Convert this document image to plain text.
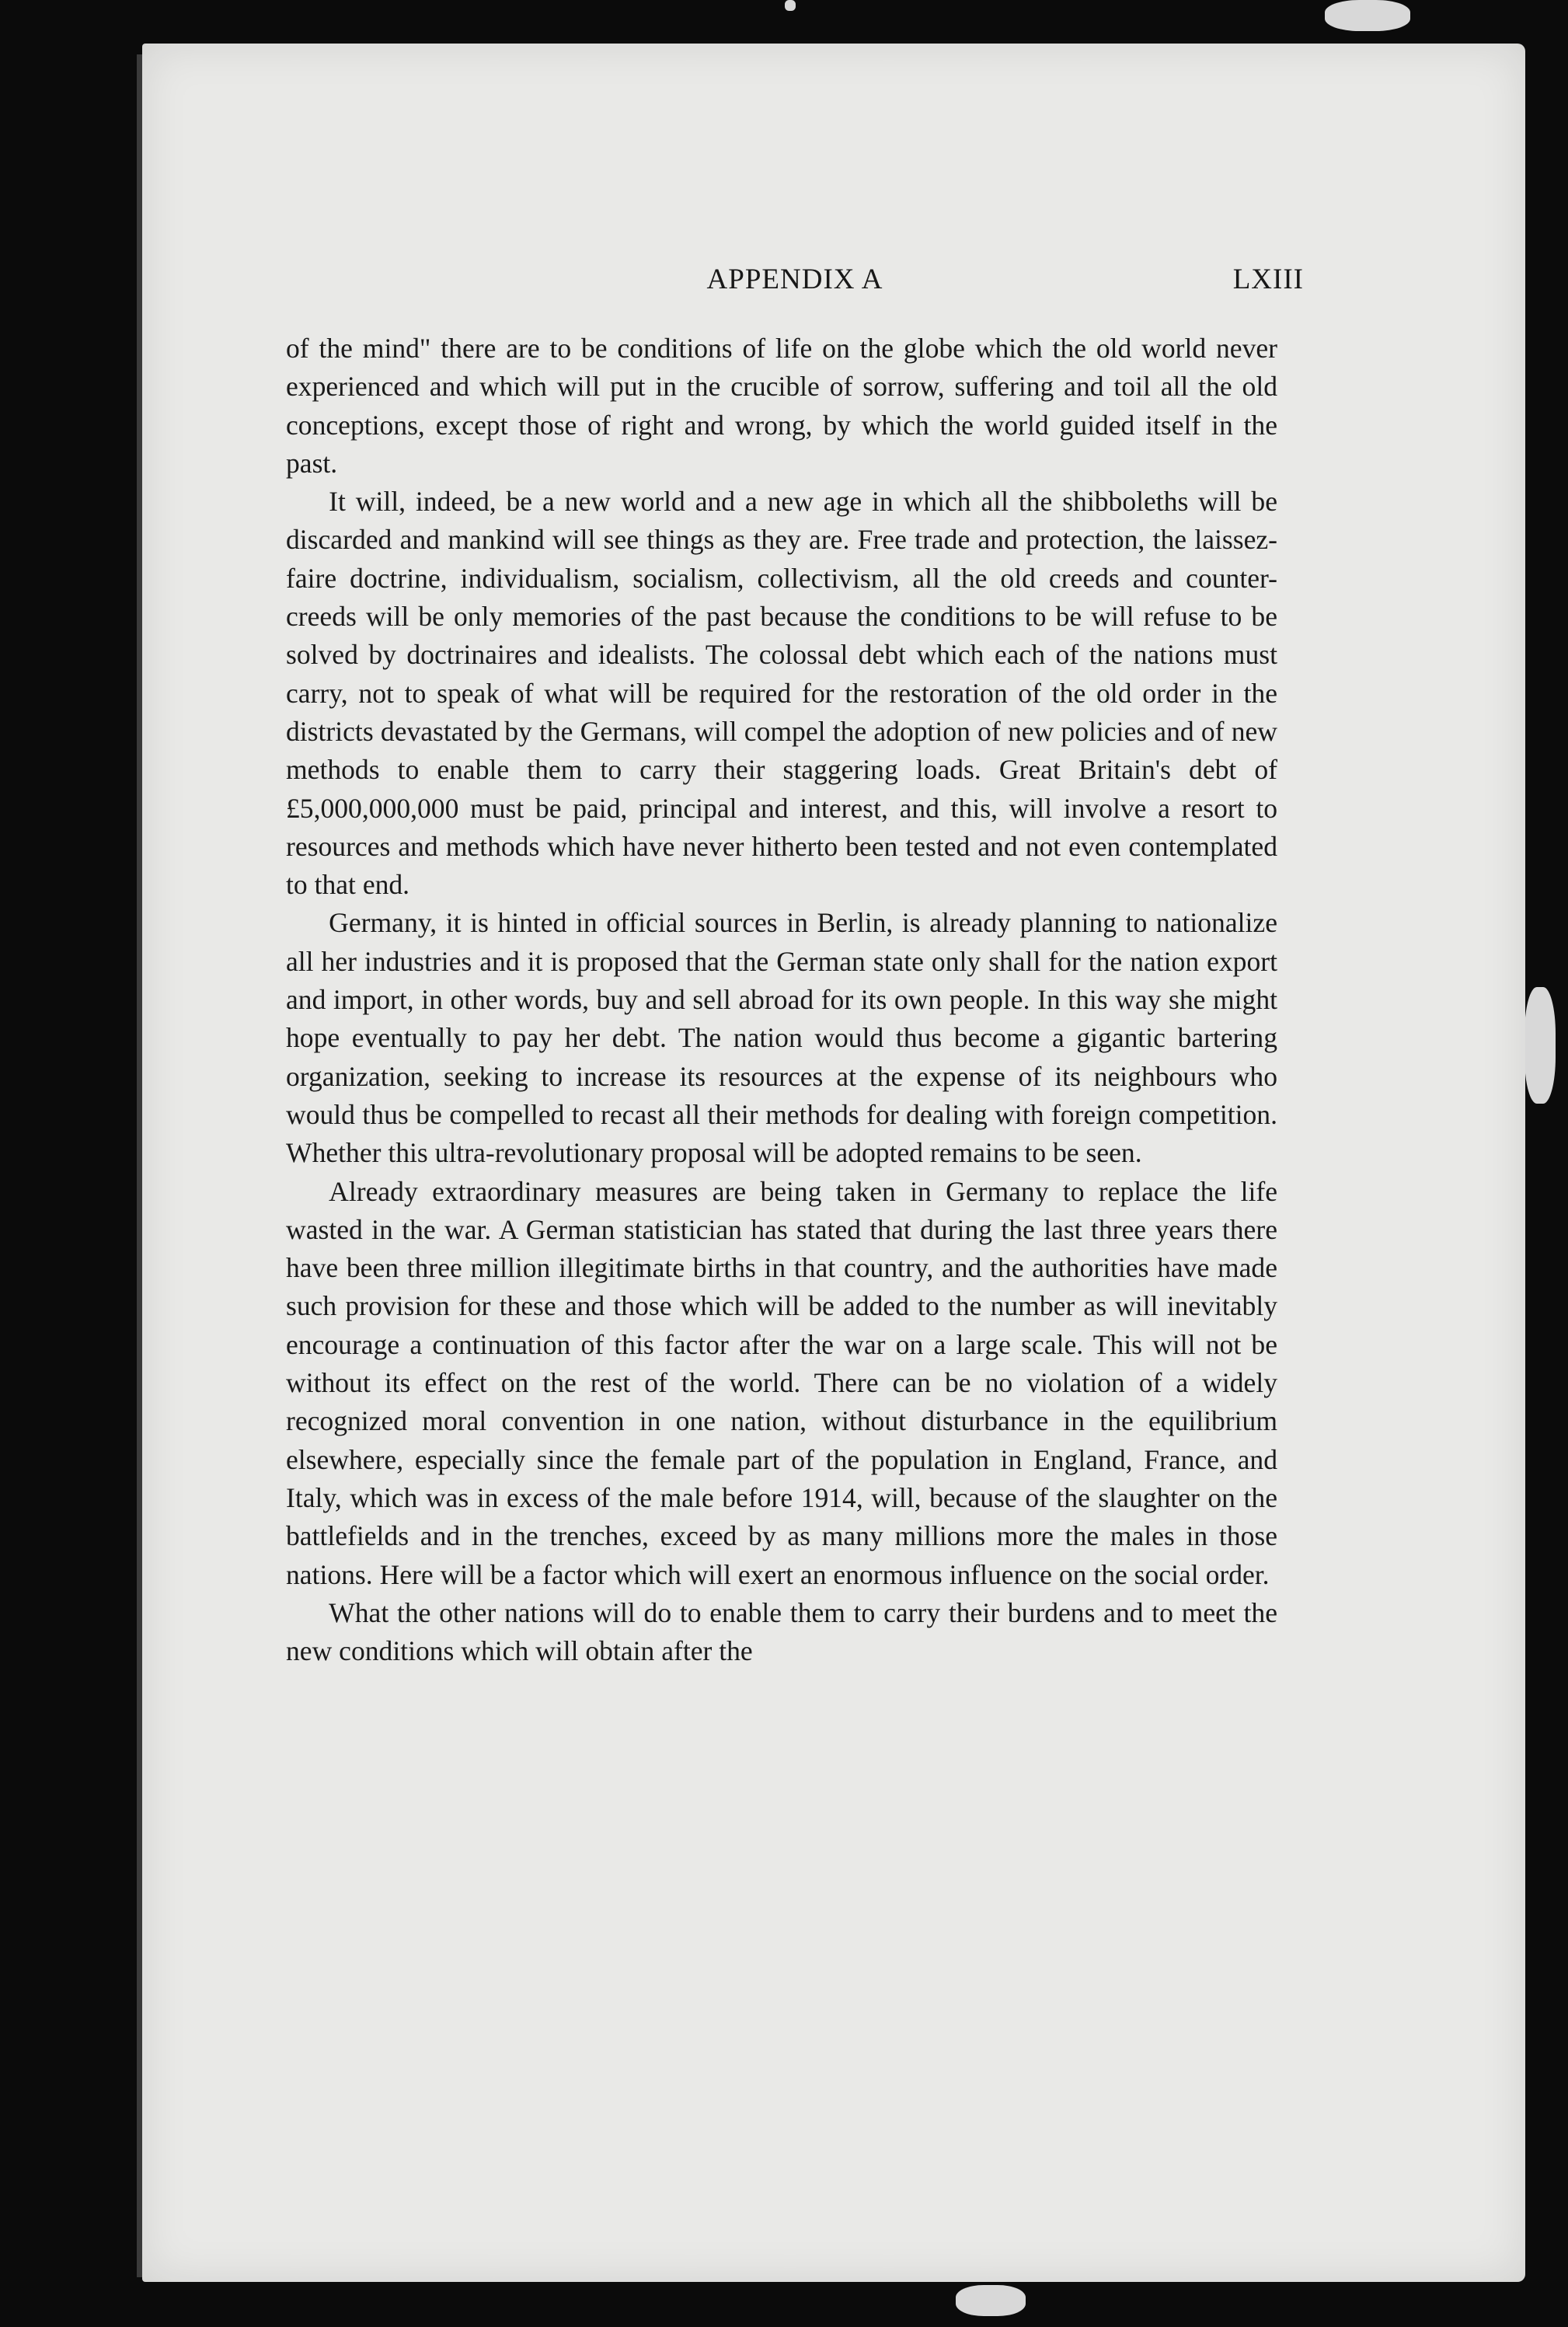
APPENDIX A	LXIII

of the mind" there are to be conditions of life on the globe which the old world never experienced and which will put in the crucible of sorrow, suffering and toil all the old conceptions, except those of right and wrong, by which the world guided itself in the past.

It will, indeed, be a new world and a new age in which all the shibboleths will be discarded and mankind will see things as they are. Free trade and protection, the laissez-faire doctrine, individualism, socialism, collectivism, all the old creeds and counter-creeds will be only memories of the past because the conditions to be will refuse to be solved by doctrinaires and idealists. The colossal debt which each of the nations must carry, not to speak of what will be required for the restoration of the old order in the districts devastated by the Germans, will compel the adoption of new policies and of new methods to enable them to carry their staggering loads. Great Britain's debt of £5,000,000,000 must be paid, principal and interest, and this, will involve a resort to resources and methods which have never hitherto been tested and not even contemplated to that end.

Germany, it is hinted in official sources in Berlin, is already planning to nationalize all her industries and it is proposed that the German state only shall for the nation export and import, in other words, buy and sell abroad for its own people. In this way she might hope eventually to pay her debt. The nation would thus become a gigantic bartering organization, seeking to increase its resources at the expense of its neighbours who would thus be compelled to recast all their methods for dealing with foreign competition. Whether this ultra-revolutionary proposal will be adopted remains to be seen.

Already extraordinary measures are being taken in Germany to replace the life wasted in the war. A German statistician has stated that during the last three years there have been three million illegitimate births in that country, and the authorities have made such provision for these and those which will be added to the number as will inevitably encourage a continuation of this factor after the war on a large scale. This will not be without its effect on the rest of the world. There can be no violation of a widely recognized moral convention in one nation, without disturbance in the equilibrium elsewhere, especially since the female part of the population in England, France, and Italy, which was in excess of the male before 1914, will, because of the slaughter on the battlefields and in the trenches, exceed by as many millions more the males in those nations. Here will be a factor which will exert an enormous influence on the social order.

What the other nations will do to enable them to carry their burdens and to meet the new conditions which will obtain after the
